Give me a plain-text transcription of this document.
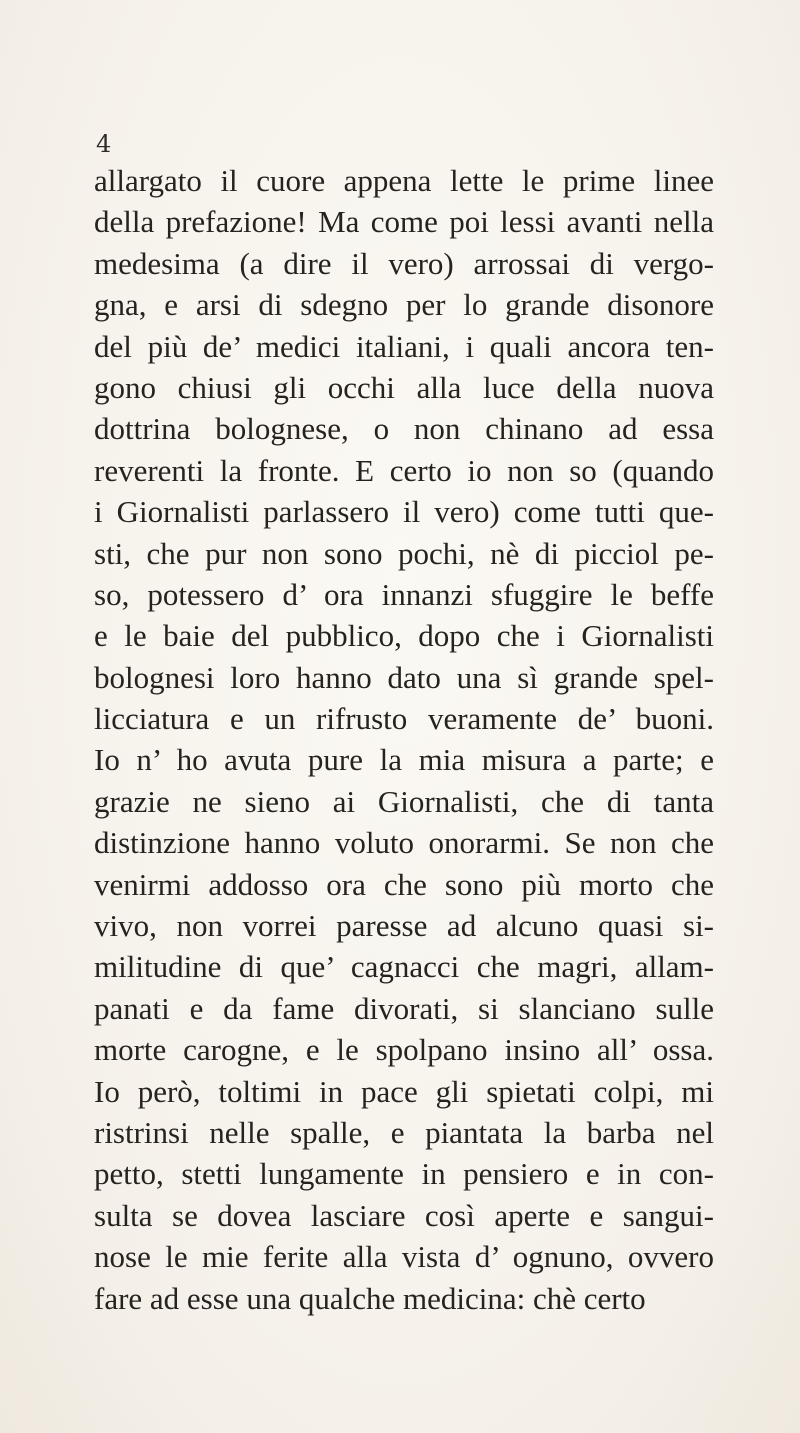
4
allargato il cuore appena lette le prime linee
della prefazione! Ma come poi lessi avanti nella
medesima (a dire il vero) arrossai di vergo-
gna, e arsi di sdegno per lo grande disonore
del più de’ medici italiani, i quali ancora ten-
gono chiusi gli occhi alla luce della nuova
dottrina bolognese, o non chinano ad essa
reverenti la fronte. E certo io non so (quando
i Giornalisti parlassero il vero) come tutti que-
sti, che pur non sono pochi, nè di picciol pe-
so, potessero d’ ora innanzi sfuggire le beffe
e le baie del pubblico, dopo che i Giornalisti
bolognesi loro hanno dato una sì grande spel-
licciatura e un rifrusto veramente de’ buoni.
Io n’ ho avuta pure la mia misura a parte; e
grazie ne sieno ai Giornalisti, che di tanta
distinzione hanno voluto onorarmi. Se non che
venirmi addosso ora che sono più morto che
vivo, non vorrei paresse ad alcuno quasi si-
militudine di que’ cagnacci che magri, allam-
panati e da fame divorati, si slanciano sulle
morte carogne, e le spolpano insino all’ ossa.
Io però, toltimi in pace gli spietati colpi, mi
ristrinsi nelle spalle, e piantata la barba nel
petto, stetti lungamente in pensiero e in con-
sulta se dovea lasciare così aperte e sangui-
nose le mie ferite alla vista d’ ognuno, ovvero
fare ad esse una qualche medicina: chè certo
